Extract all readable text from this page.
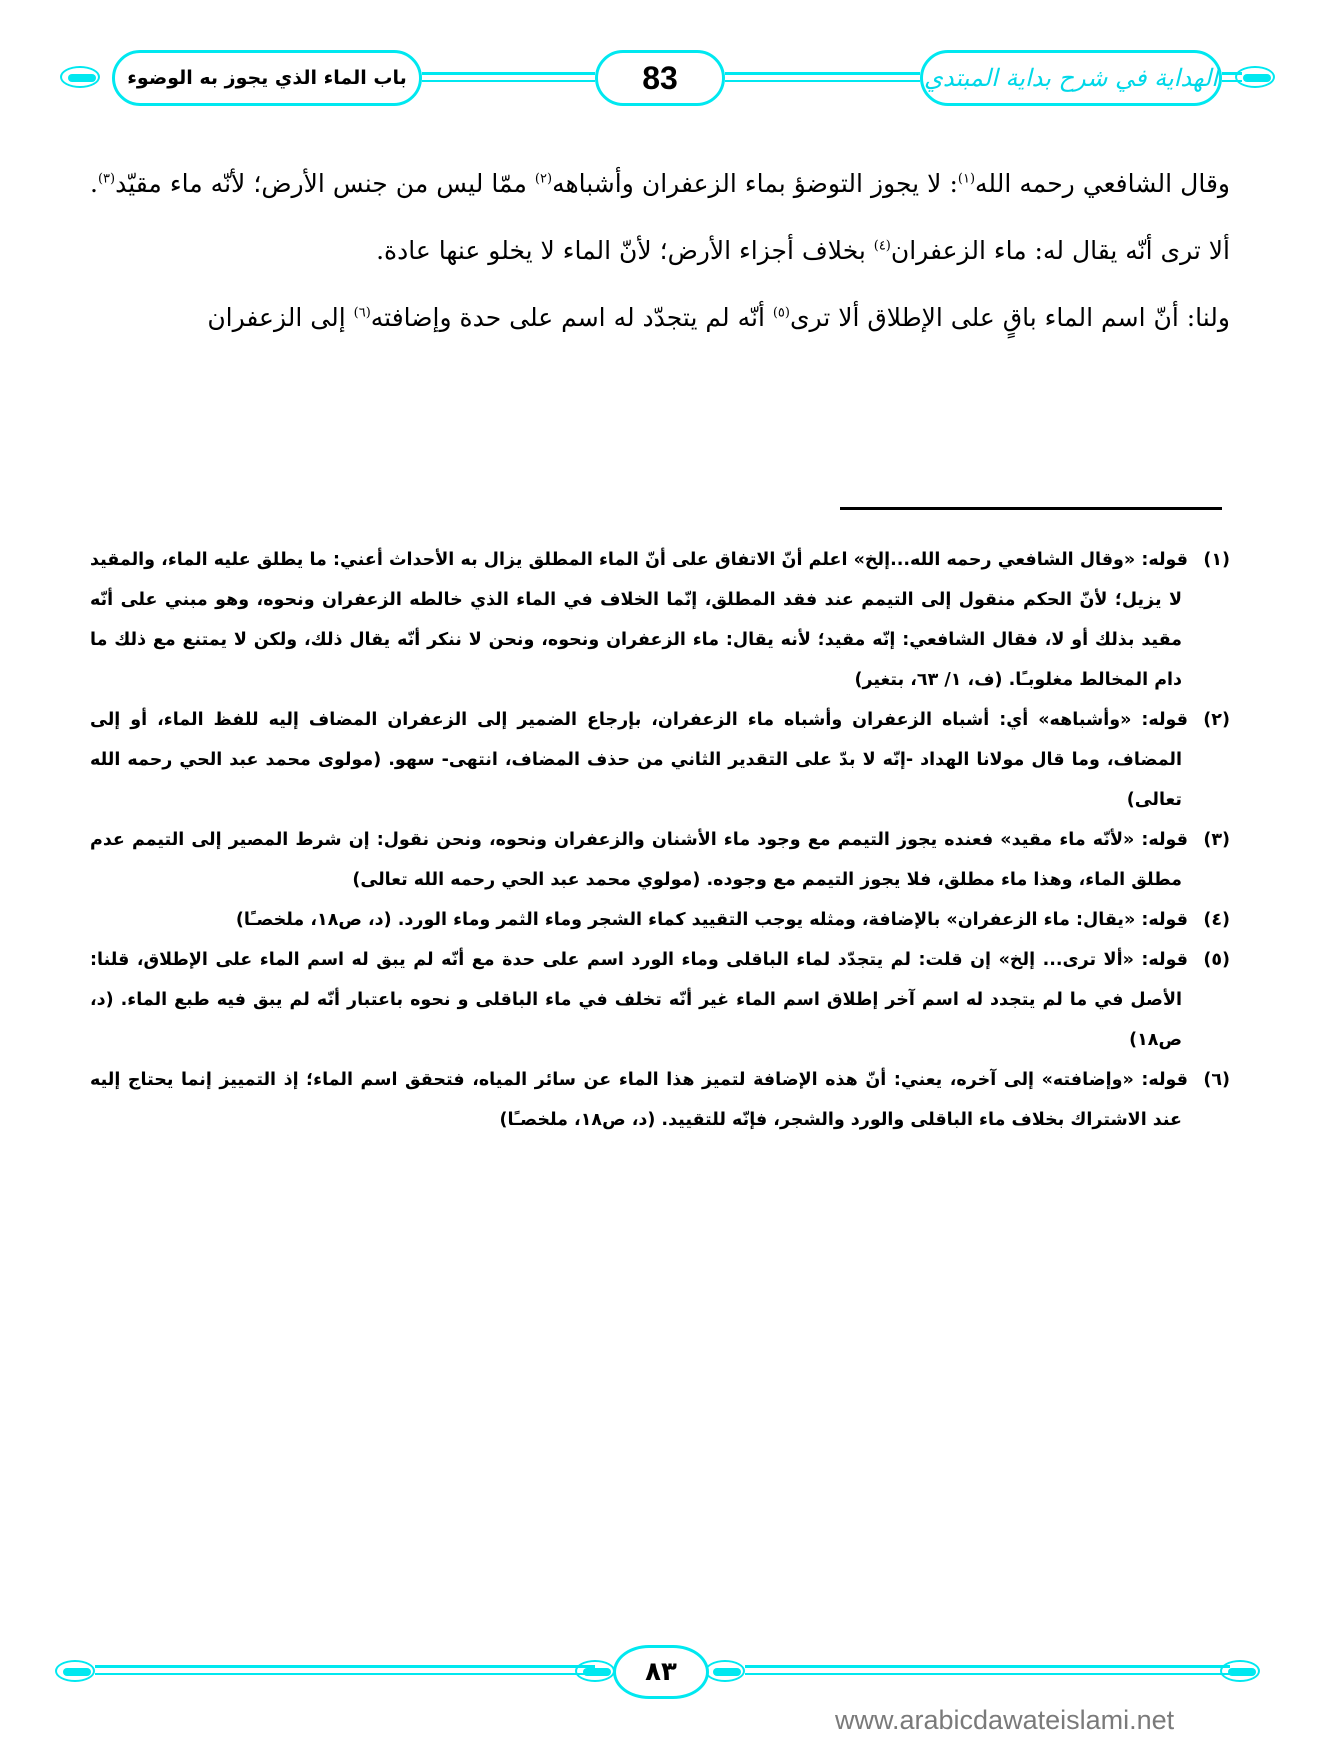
باب الماء الذي يجوز به الوضوء	83	الهداية في شرح بداية المبتدي

وقال الشافعي رحمه الله$^{(١)}$: لا يجوز التوضؤ بماء الزعفران وأشباهه$^{(٢)}$ ممّا ليس من جنس الأرض؛ لأنّه ماء مقيّد$^{(٣)}$. ألا ترى أنّه يقال له: ماء الزعفران$^{(٤)}$ بخلاف أجزاء الأرض؛ لأنّ الماء لا يخلو عنها عادة.

ولنا: أنّ اسم الماء باقٍ على الإطلاق ألا ترى$^{(٥)}$ أنّه لم يتجدّد له اسم على حدة وإضافته$^{(٦)}$ إلى الزعفران

(١)قوله: «وقال الشافعي رحمه الله...إلخ» اعلم أنّ الاتفاق على أنّ الماء المطلق يزال به الأحداث أعني: ما يطلق عليه الماء، والمقيد لا يزيل؛ لأنّ الحكم منقول إلى التيمم عند فقد المطلق، إنّما الخلاف في الماء الذي خالطه الزعفران ونحوه، وهو مبني على أنّه مقيد بذلك أو لا، فقال الشافعي: إنّه مقيد؛ لأنه يقال: ماء الزعفران ونحوه، ونحن لا ننكر أنّه يقال ذلك، ولكن لا يمتنع مع ذلك ما دام المخالط مغلوبـًا. (ف، ١/ ٦٣، بتغير)

(٢)قوله: «وأشباهه» أي: أشباه الزعفران وأشباه ماء الزعفران، بإرجاع الضمير إلى الزعفران المضاف إليه للفظ الماء، أو إلى المضاف، وما قال مولانا الهداد -إنّه لا بدّ على التقدير الثاني من حذف المضاف، انتهى- سهو. (مولوى محمد عبد الحي رحمه الله تعالى)

(٣)قوله: «لأنّه ماء مقيد» فعنده يجوز التيمم مع وجود ماء الأشنان والزعفران ونحوه، ونحن نقول: إن شرط المصير إلى التيمم عدم مطلق الماء، وهذا ماء مطلق، فلا يجوز التيمم مع وجوده. (مولوي محمد عبد الحي رحمه الله تعالى)

(٤)قوله: «يقال: ماء الزعفران» بالإضافة، ومثله يوجب التقييد كماء الشجر وماء الثمر وماء الورد. (د، ص١٨، ملخصـًا)

(٥)قوله: «ألا ترى... إلخ» إن قلت: لم يتجدّد لماء الباقلى وماء الورد اسم على حدة مع أنّه لم يبق له اسم الماء على الإطلاق، قلنا: الأصل في ما لم يتجدد له اسم آخر إطلاق اسم الماء غير أنّه تخلف في ماء الباقلى و نحوه باعتبار أنّه لم يبق فيه طبع الماء. (د، ص١٨)

(٦)قوله: «وإضافته» إلى آخره، يعني: أنّ هذه الإضافة لتميز هذا الماء عن سائر المياه، فتحقق اسم الماء؛ إذ التمييز إنما يحتاج إليه عند الاشتراك بخلاف ماء الباقلى والورد والشجر، فإنّه للتقييد. (د، ص١٨، ملخصـًا)

٨٣
www.arabicdawateislami.net
